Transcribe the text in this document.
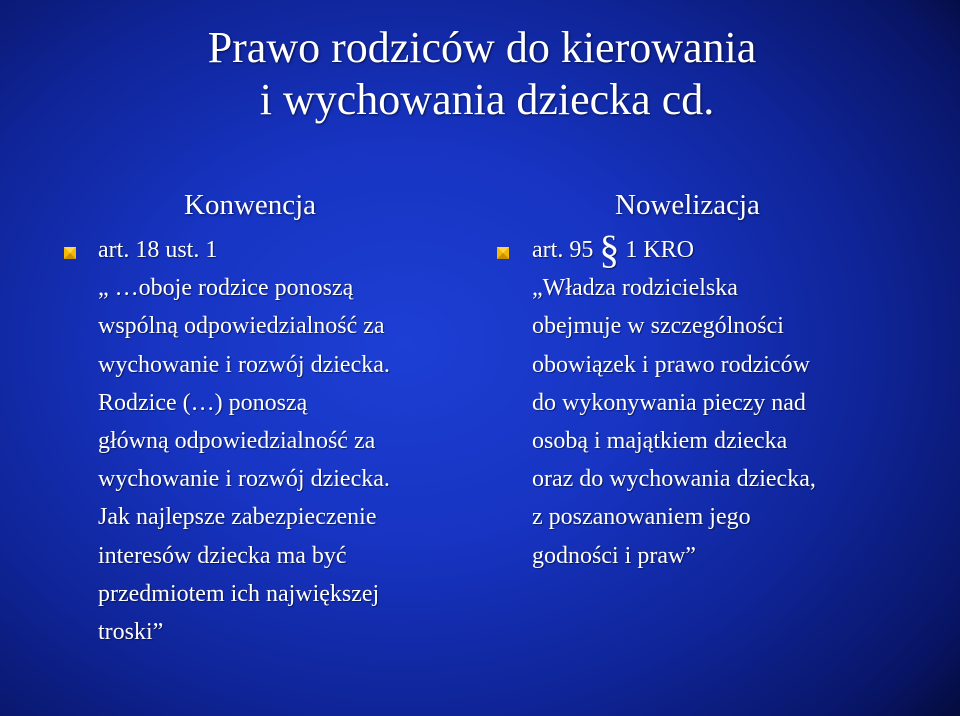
Prawo rodziców do kierowania
i wychowania dziecka cd.
Konwencja
art. 18 ust. 1
„ …oboje rodzice ponoszą
wspólną odpowiedzialność za
wychowanie i rozwój dziecka.
Rodzice (…) ponoszą
główną odpowiedzialność za
wychowanie i rozwój dziecka.
Jak najlepsze zabezpieczenie
interesów dziecka ma być
przedmiotem ich największej
troski”
Nowelizacja
art. 95 § 1 KRO
„Władza rodzicielska
obejmuje w szczególności
obowiązek i prawo rodziców
do wykonywania pieczy nad
osobą i majątkiem dziecka
oraz do wychowania dziecka,
z poszanowaniem jego
godności i praw”
